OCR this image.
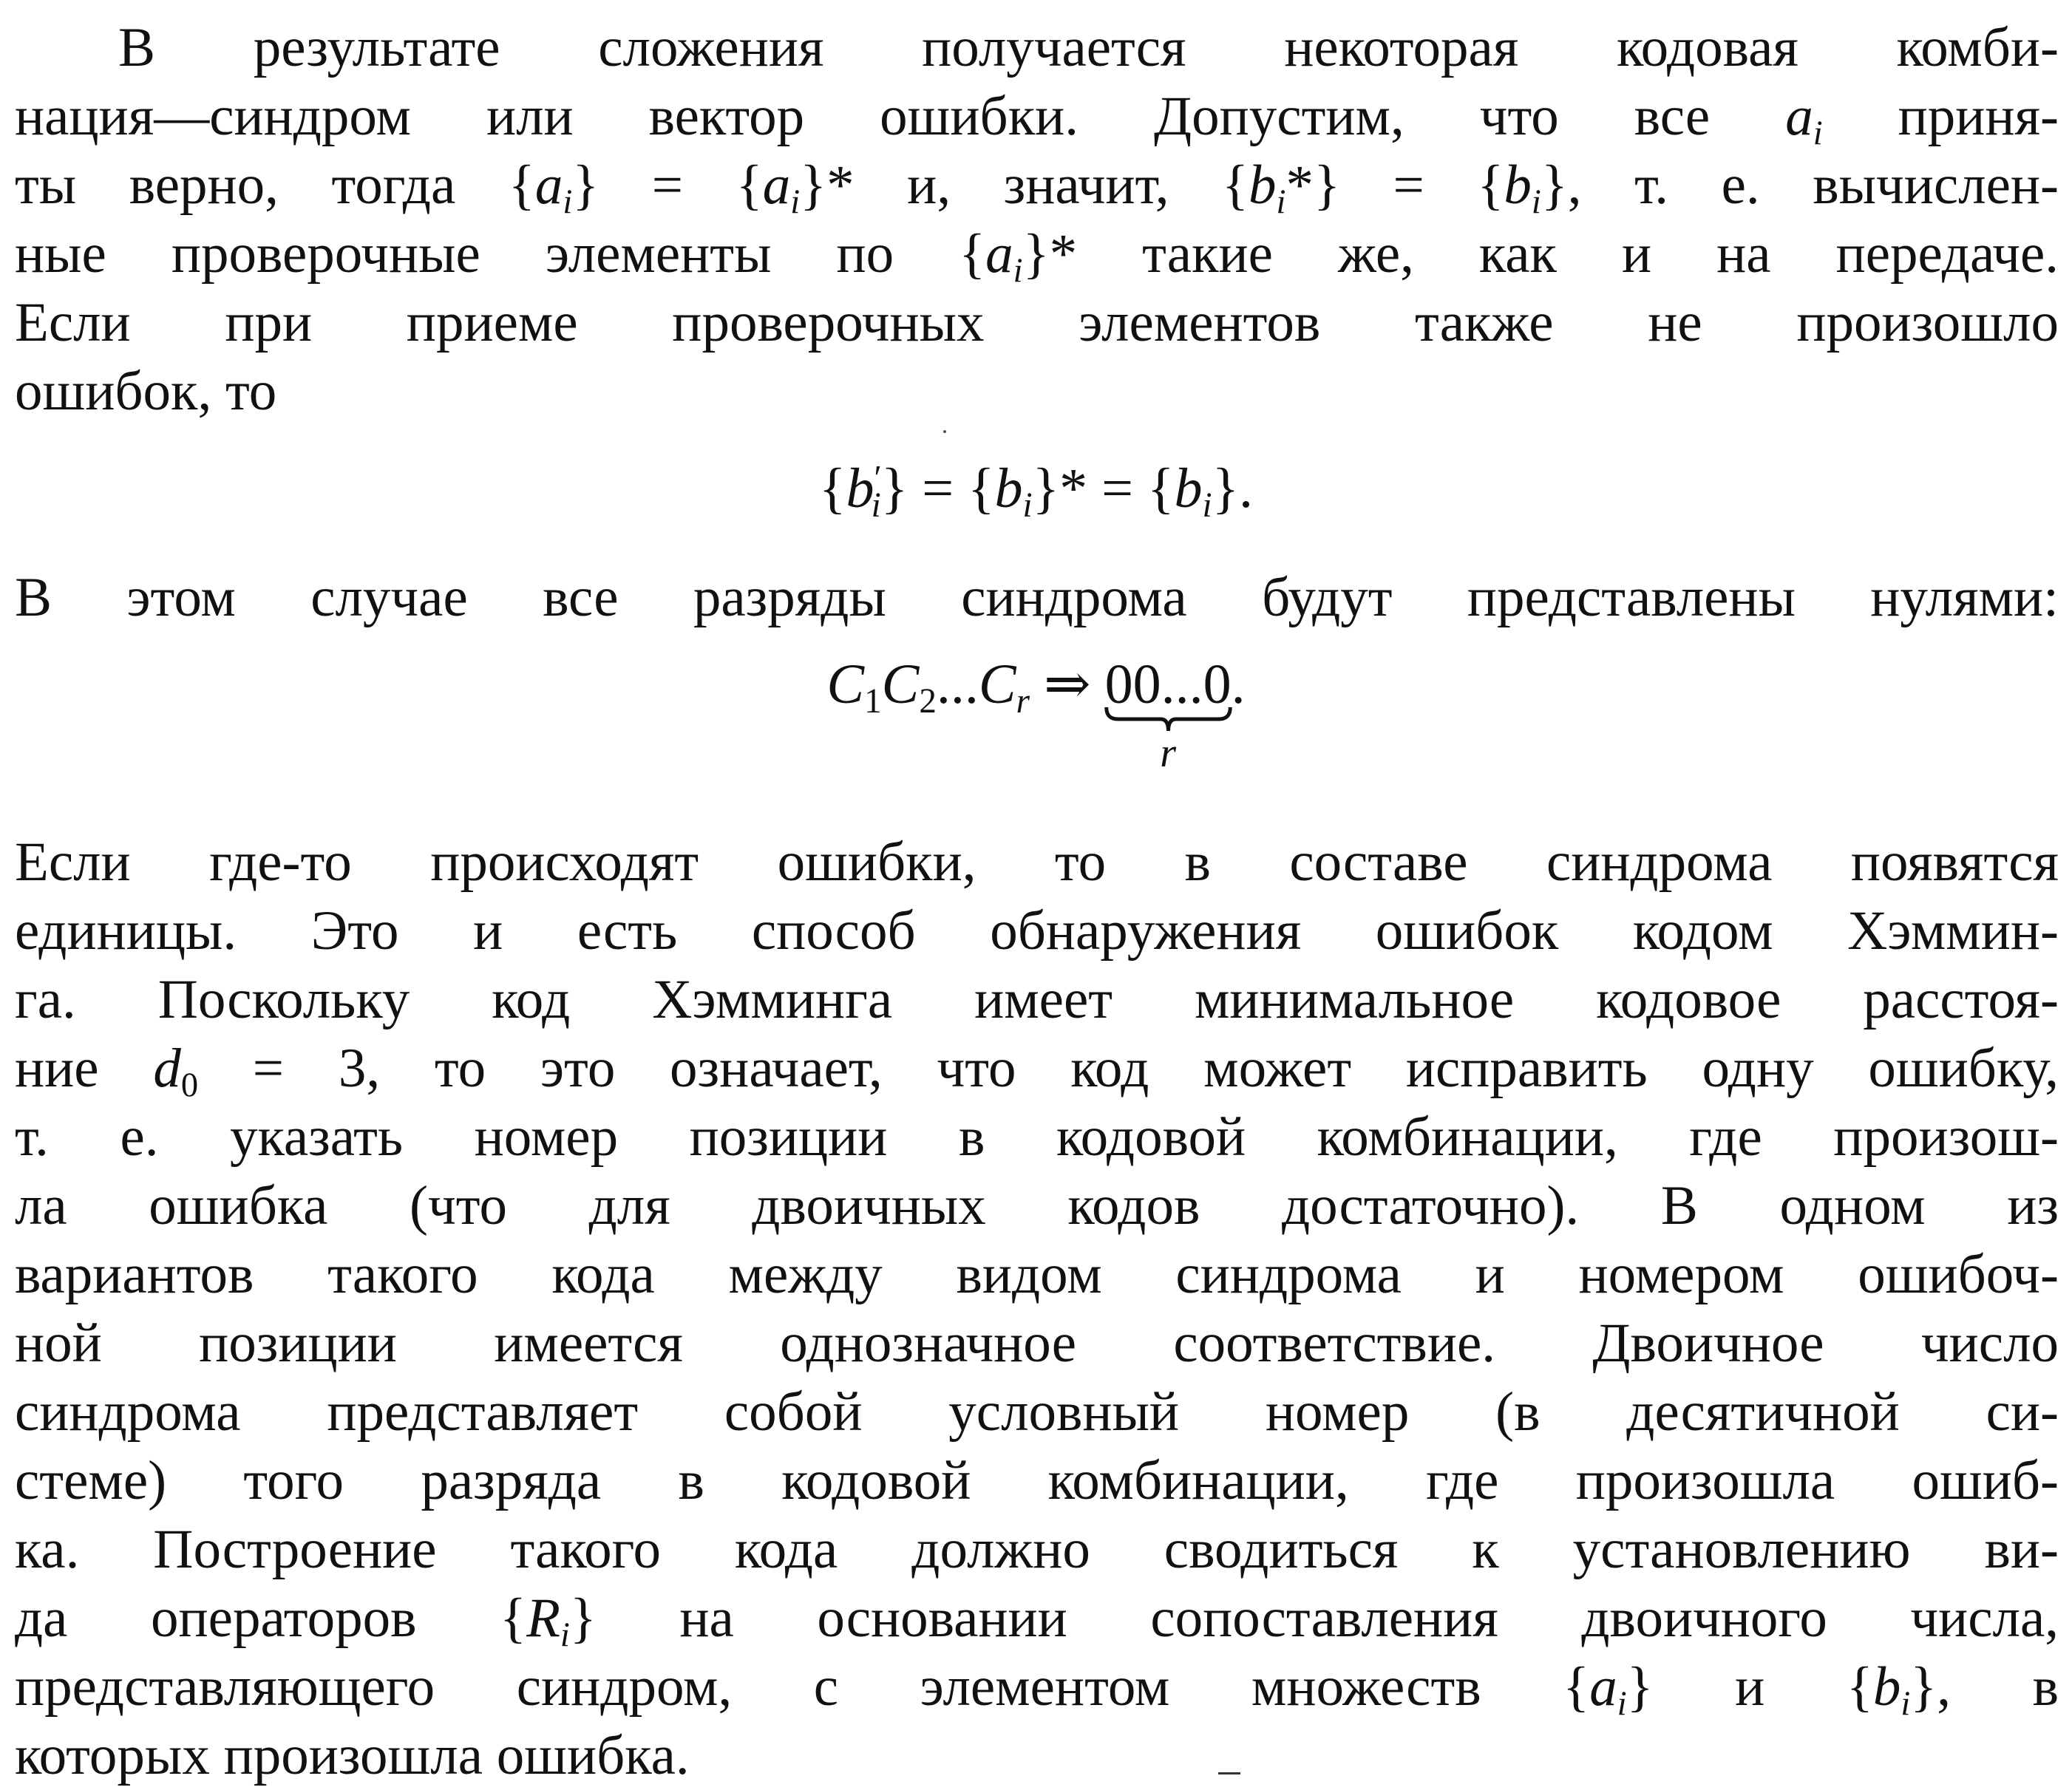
В результате сложения получается некоторая кодовая комби-
нация—синдром или вектор ошибки. Допустим, что все $a_i$ приня-
ты верно, тогда $\{a_i\} = \{a_i\}*$ и, значит, $\{b_i*\} = \{b_i\}$, т. е. вычислен-
ные проверочные элементы по $\{a_i\}*$ такие же, как и на передаче.
Если при приеме проверочных элементов также не произошло
ошибок, то
$\{b'_i\} = \{b_i\}* = \{b_i\}$.
В этом случае все разряды синдрома будут представлены нулями:
$C_1C_2...C_r$ ⇒ 00...0
r
.
Если где-то происходят ошибки, то в составе синдрома появятся
единицы. Это и есть способ обнаружения ошибок кодом Хэммин-
га. Поскольку код Хэмминга имеет минимальное кодовое расстоя-
ние $d_0 = 3$, то это означает, что код может исправить одну ошибку,
т. е. указать номер позиции в кодовой комбинации, где произош-
ла ошибка (что для двоичных кодов достаточно). В одном из
вариантов такого кода между видом синдрома и номером ошибоч-
ной позиции имеется однозначное соответствие. Двоичное число
синдрома представляет собой условный номер (в десятичной си-
стеме) того разряда в кодовой комбинации, где произошла ошиб-
ка. Построение такого кода должно сводиться к установлению ви-
да операторов $\{R_i\}$ на основании сопоставления двоичного числа,
представляющего синдром, с элементом множеств $\{a_i\}$ и $\{b_i\}$, в
которых произошла ошибка.
